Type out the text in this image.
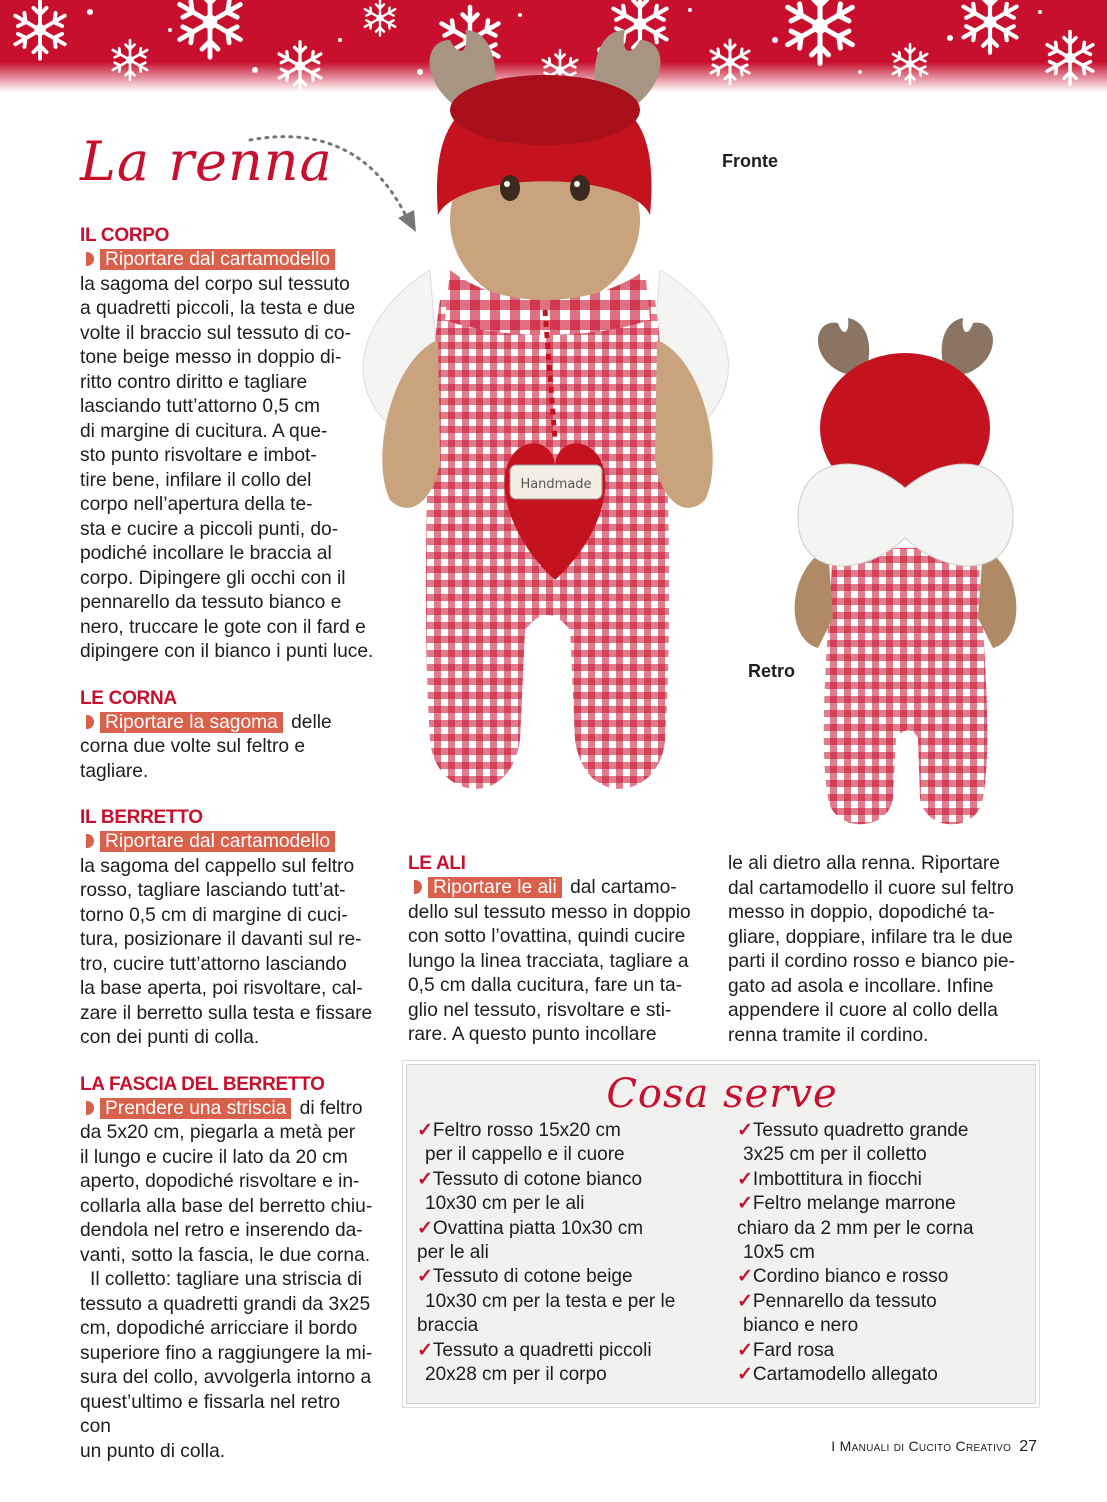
La renna
IL CORPO
Riportare dal cartamodello
la sagoma del corpo sul tessuto
a quadretti piccoli, la testa e due
volte il braccio sul tessuto di co-
tone beige messo in doppio di-
ritto contro diritto e tagliare
lasciando tutt’attorno 0,5 cm
di margine di cucitura. A que-
sto punto risvoltare e imbot-
tire bene, infilare il collo del
corpo nell’apertura della te-
sta e cucire a piccoli punti, do-
podiché incollare le braccia al
corpo. Dipingere gli occhi con il
pennarello da tessuto bianco e
nero, truccare le gote con il fard e
dipingere con il bianco i punti luce.
LE CORNA
Riportare la sagoma delle
corna due volte sul feltro e tagliare.
IL BERRETTO
Riportare dal cartamodello
la sagoma del cappello sul feltro
rosso, tagliare lasciando tutt’at-
torno 0,5 cm di margine di cuci-
tura, posizionare il davanti sul re-
tro, cucire tutt’attorno lasciando
la base aperta, poi risvoltare, cal-
zare il berretto sulla testa e fissare
con dei punti di colla.
LA FASCIA DEL BERRETTO
Prendere una striscia di feltro
da 5x20 cm, piegarla a metà per
il lungo e cucire il lato da 20 cm
aperto, dopodiché risvoltare e in-
collarla alla base del berretto chiu-
dendola nel retro e inserendo da-
vanti, sotto la fascia, le due corna.
Il colletto: tagliare una striscia di
tessuto a quadretti grandi da 3x25
cm, dopodiché arricciare il bordo
superiore fino a raggiungere la mi-
sura del collo, avvolgerla intorno a
quest’ultimo e fissarla nel retro con
un punto di colla.
Handmade
Fronte
Retro
LE ALI
Riportare le ali dal cartamo-
dello sul tessuto messo in doppio
con sotto l’ovattina, quindi cucire
lungo la linea tracciata, tagliare a
0,5 cm dalla cucitura, fare un ta-
glio nel tessuto, risvoltare e sti-
rare. A questo punto incollare
le ali dietro alla renna. Riportare
dal cartamodello il cuore sul feltro
messo in doppio, dopodiché ta-
gliare, doppiare, infilare tra le due
parti il cordino rosso e bianco pie-
gato ad asola e incollare. Infine
appendere il cuore al collo della
renna tramite il cordino.
Cosa serve
✓Feltro rosso 15x20 cm
per il cappello e il cuore
✓Tessuto di cotone bianco
10x30 cm per le ali
✓Ovattina piatta 10x30 cm
per le ali
✓Tessuto di cotone beige
10x30 cm per la testa e per le
braccia
✓Tessuto a quadretti piccoli
20x28 cm per il corpo
✓Tessuto quadretto grande
3x25 cm per il colletto
✓Imbottitura in fiocchi
✓Feltro melange marrone
chiaro da 2 mm per le corna
10x5 cm
✓Cordino bianco e rosso
✓Pennarello da tessuto
bianco e nero
✓Fard rosa
✓Cartamodello allegato
I Manuali di Cucito Creativo 27
